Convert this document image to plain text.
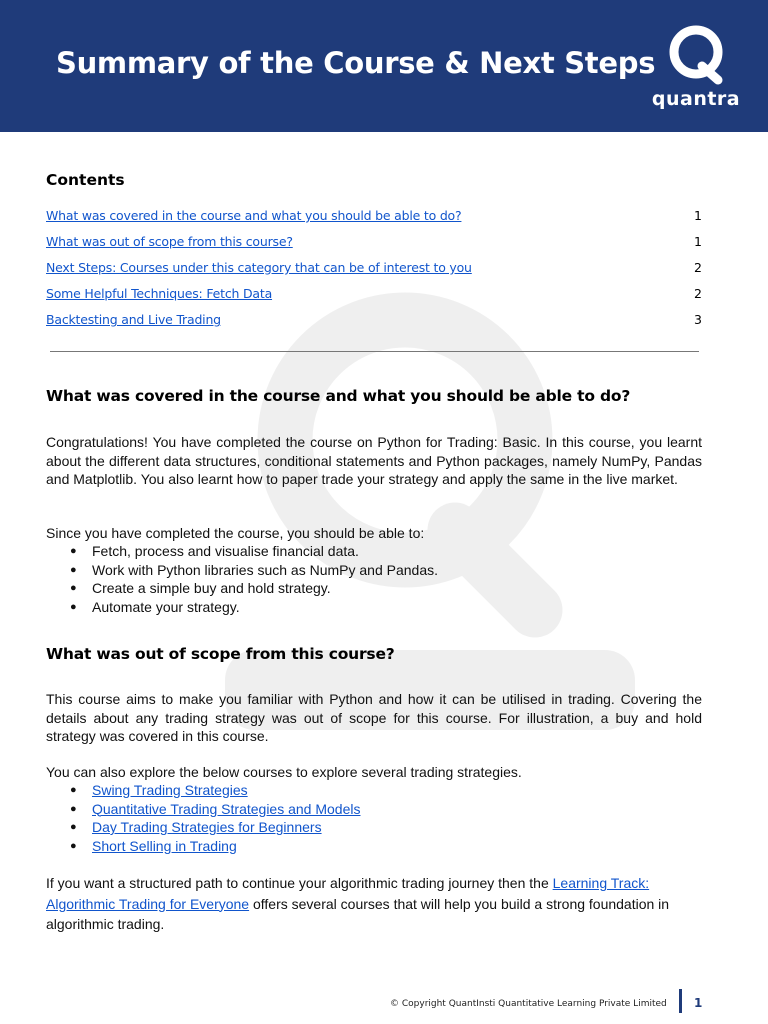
Summary of the Course & Next Steps
quantra
Contents
What was covered in the course and what you should be able to do?	1
What was out of scope from this course?	1
Next Steps: Courses under this category that can be of interest to you	2
Some Helpful Techniques: Fetch Data	2
Backtesting and Live Trading	3
What was covered in the course and what you should be able to do?
Congratulations! You have completed the course on Python for Trading: Basic. In this course, you learnt about the different data structures, conditional statements and Python packages, namely NumPy, Pandas and Matplotlib. You also learnt how to paper trade your strategy and apply the same in the live market.
Since you have completed the course, you should be able to:
● Fetch, process and visualise financial data.
● Work with Python libraries such as NumPy and Pandas.
● Create a simple buy and hold strategy.
● Automate your strategy.
What was out of scope from this course?
This course aims to make you familiar with Python and how it can be utilised in trading. Covering the details about any trading strategy was out of scope for this course. For illustration, a buy and hold strategy was covered in this course.
You can also explore the below courses to explore several trading strategies.
● Swing Trading Strategies
● Quantitative Trading Strategies and Models
● Day Trading Strategies for Beginners
● Short Selling in Trading
If you want a structured path to continue your algorithmic trading journey then the Learning Track: Algorithmic Trading for Everyone offers several courses that will help you build a strong foundation in algorithmic trading.
© Copyright QuantInsti Quantitative Learning Private Limited 1
